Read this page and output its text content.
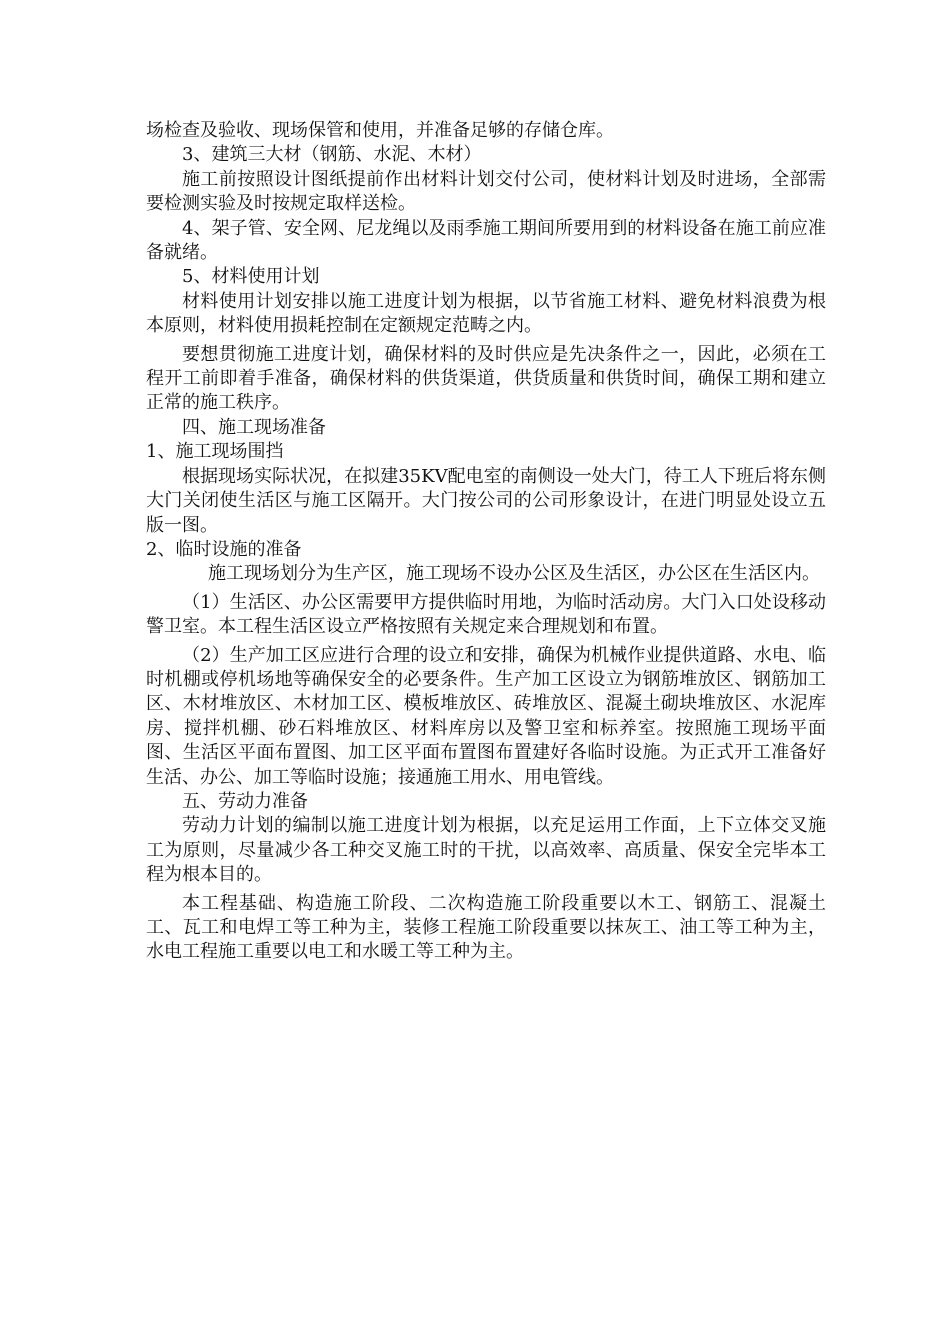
场检查及验收、现场保管和使用，并准备足够的存储仓库。

3、建筑三大材（钢筋、水泥、木材）

施工前按照设计图纸提前作出材料计划交付公司，使材料计划及时进场，全部需要检测实验及时按规定取样送检。

4、架子管、安全网、尼龙绳以及雨季施工期间所要用到的材料设备在施工前应准备就绪。

5、材料使用计划

材料使用计划安排以施工进度计划为根据，以节省施工材料、避免材料浪费为根本原则，材料使用损耗控制在定额规定范畴之内。

要想贯彻施工进度计划，确保材料的及时供应是先决条件之一，因此，必须在工程开工前即着手准备，确保材料的供货渠道，供货质量和供货时间，确保工期和建立正常的施工秩序。

四、施工现场准备

1、施工现场围挡

根据现场实际状况，在拟建35KV配电室的南侧设一处大门，待工人下班后将东侧大门关闭使生活区与施工区隔开。大门按公司的公司形象设计，在进门明显处设立五版一图。

2、临时设施的准备

施工现场划分为生产区，施工现场不设办公区及生活区，办公区在生活区内。

（1）生活区、办公区需要甲方提供临时用地，为临时活动房。大门入口处设移动警卫室。本工程生活区设立严格按照有关规定来合理规划和布置。

（2）生产加工区应进行合理的设立和安排，确保为机械作业提供道路、水电、临时机棚或停机场地等确保安全的必要条件。生产加工区设立为钢筋堆放区、钢筋加工区、木材堆放区、木材加工区、模板堆放区、砖堆放区、混凝土砌块堆放区、水泥库房、搅拌机棚、砂石料堆放区、材料库房以及警卫室和标养室。按照施工现场平面图、生活区平面布置图、加工区平面布置图布置建好各临时设施。为正式开工准备好生活、办公、加工等临时设施；接通施工用水、用电管线。

五、劳动力准备

劳动力计划的编制以施工进度计划为根据，以充足运用工作面，上下立体交叉施工为原则，尽量减少各工种交叉施工时的干扰，以高效率、高质量、保安全完毕本工程为根本目的。

本工程基础、构造施工阶段、二次构造施工阶段重要以木工、钢筋工、混凝土工、瓦工和电焊工等工种为主，装修工程施工阶段重要以抹灰工、油工等工种为主，水电工程施工重要以电工和水暖工等工种为主。
